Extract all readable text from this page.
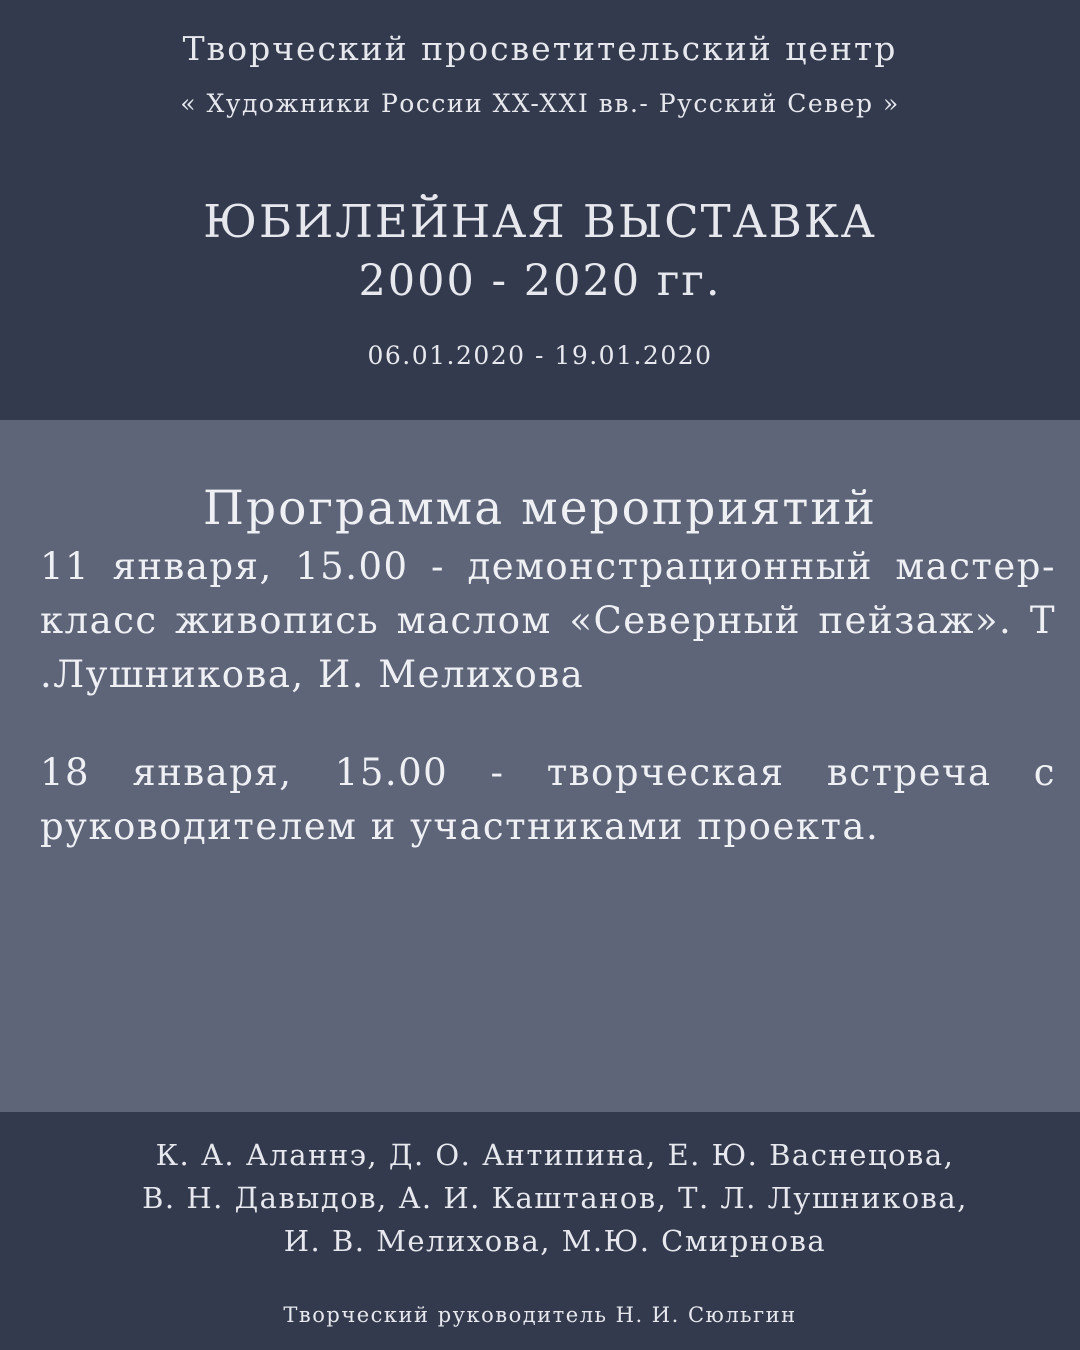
Творческий просветительский центр
« Художники России XX-XXI вв.- Русский Север »
ЮБИЛЕЙНАЯ ВЫСТАВКА
2000 - 2020 гг.
06.01.2020 - 19.01.2020
Программа мероприятий
11 января, 15.00 - демонстрационный мастер-класс живопись маслом «Северный пейзаж». Т .Лушникова, И. Мелихова
18 января, 15.00 - творческая встреча с руководителем и участниками проекта.
К. А. Аланнэ, Д. О. Антипина, Е. Ю. Васнецова,
В. Н. Давыдов, А. И. Каштанов, Т. Л. Лушникова,
И. В. Мелихова, М.Ю. Смирнова
Творческий руководитель Н. И. Сюльгин
